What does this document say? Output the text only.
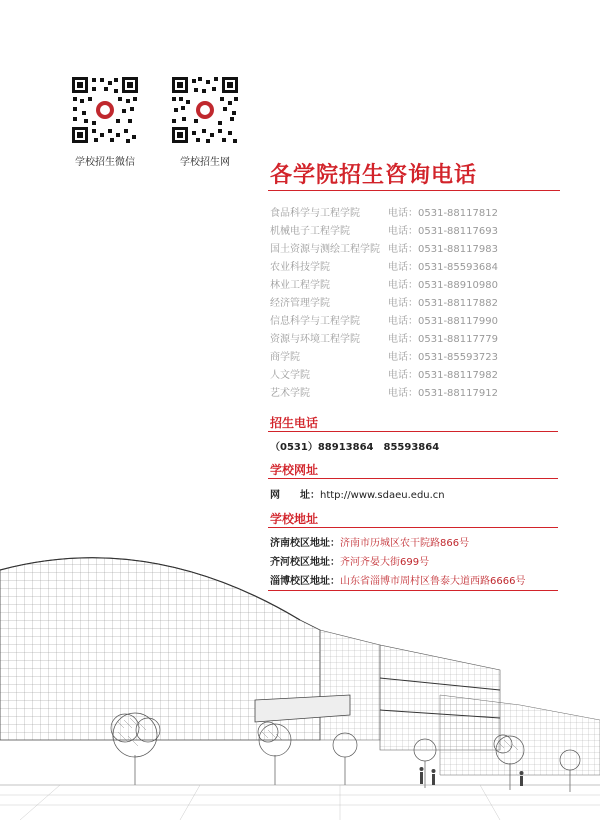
学校招生微信	学校招生网
各学院招生咨询电话
食品科学与工程学院	电话：0531-88117812
机械电子工程学院	电话：0531-88117693
国土资源与测绘工程学院 电话：0531-88117983
农业科技学院	电话：0531-85593684
林业工程学院	电话：0531-88910980
经济管理学院	电话：0531-88117882
信息科学与工程学院	电话：0531-88117990
资源与环境工程学院	电话：0531-88117779
商学院	电话：0531-85593723
人文学院	电话：0531-88117982
艺术学院	电话：0531-88117912
招生电话
（0531）88913864　85593864
学校网址
网　　址：http://www.sdaeu.edu.cn
学校地址
济南校区地址：济南市历城区农干院路866号
齐河校区地址：齐河齐晏大街699号
淄博校区地址：山东省淄博市周村区鲁泰大道西路6666号
